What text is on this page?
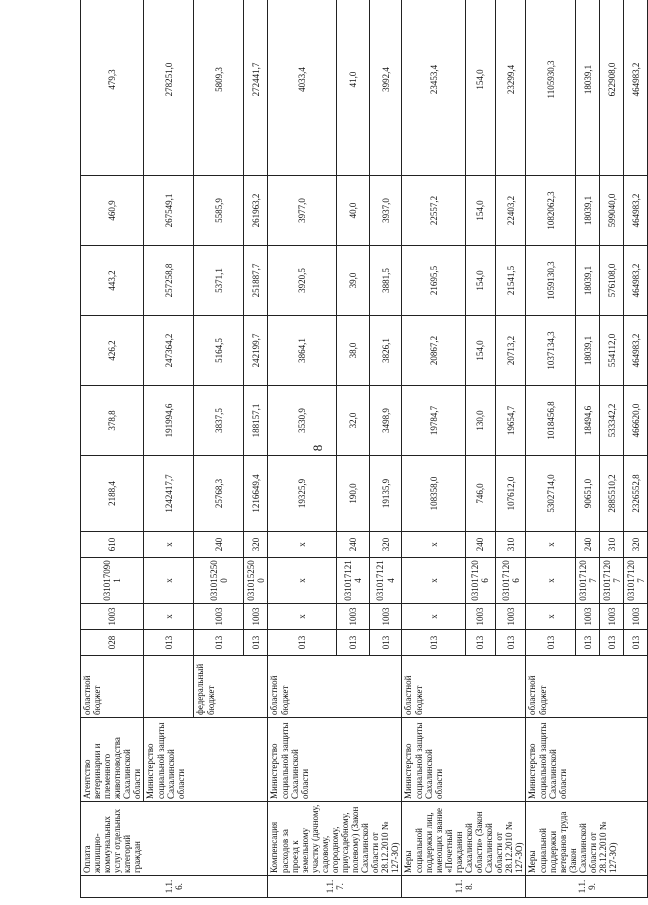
8
1.1.6.	Оплата жилищно-коммунальных услуг отдельных категорий граждан	Агентство ветеринарии и племенного животноводства Сахалинской области	областной бюджет	028	1003	0310170901	610	2188,4	378,8	426,2	443,2	460,9	479,3
		Министерство социальной защиты Сахалинской области		013	x	x	x	1242417,7	191994,6	247364,2	257258,8	267549,1	278251,0
			федеральный бюджет	013	1003	0310152500	240	25768,3	3837,5	5164,5	5371,1	5585,9	5809,3
				013	1003	0310152500	320	1216649,4	188157,1	242199,7	251887,7	261963,2	272441,7
1.1.7.	Компенсация расходов за проезд к земельному участку (дачному, садовому, огородному, приусадебному, полевому) (Закон Сахалинской области от 28.12.2010 № 127-ЗО)	Министерство социальной защиты Сахалинской области	областной бюджет	013	x	x	x	19325,9	3530,9	3864,1	3920,5	3977,0	4033,4
				013	1003	0310171214	240	190,0	32,0	38,0	39,0	40,0	41,0
				013	1003	0310171214	320	19135,9	3498,9	3826,1	3881,5	3937,0	3992,4
1.1.8.	Меры социальной поддержки лиц, имеющих звание «Почетный гражданин Сахалинской области» (Закон Сахалинской области от 28.12.2010 № 127-ЗО)	Министерство социальной защиты Сахалинской области	областной бюджет	013	x	x	x	108358,0	19784,7	20867,2	21695,5	22557,2	23453,4
				013	1003	0310171206	240	746,0	130,0	154,0	154,0	154,0	154,0
				013	1003	0310171206	310	107612,0	19654,7	20713,2	21541,5	22403,2	23299,4
1.1.9.	Меры социальной поддержки ветеранов труда (Закон Сахалинской области от 28.12.2010 № 127-ЗО)	Министерство социальной защиты Сахалинской области	областной бюджет	013	x	x	x	5302714,0	1018456,8	1037134,3	1059130,3	1082062,3	1105930,3
				013	1003	0310171207	240	90651,0	18494,6	18039,1	18039,1	18039,1	18039,1
				013	1003	0310171207	310	2885510,2	533342,2	554112,0	576108,0	599040,0	622908,0
				013	1003	0310171207	320	2326552,8	466620,0	464983,2	464983,2	464983,2	464983,2
